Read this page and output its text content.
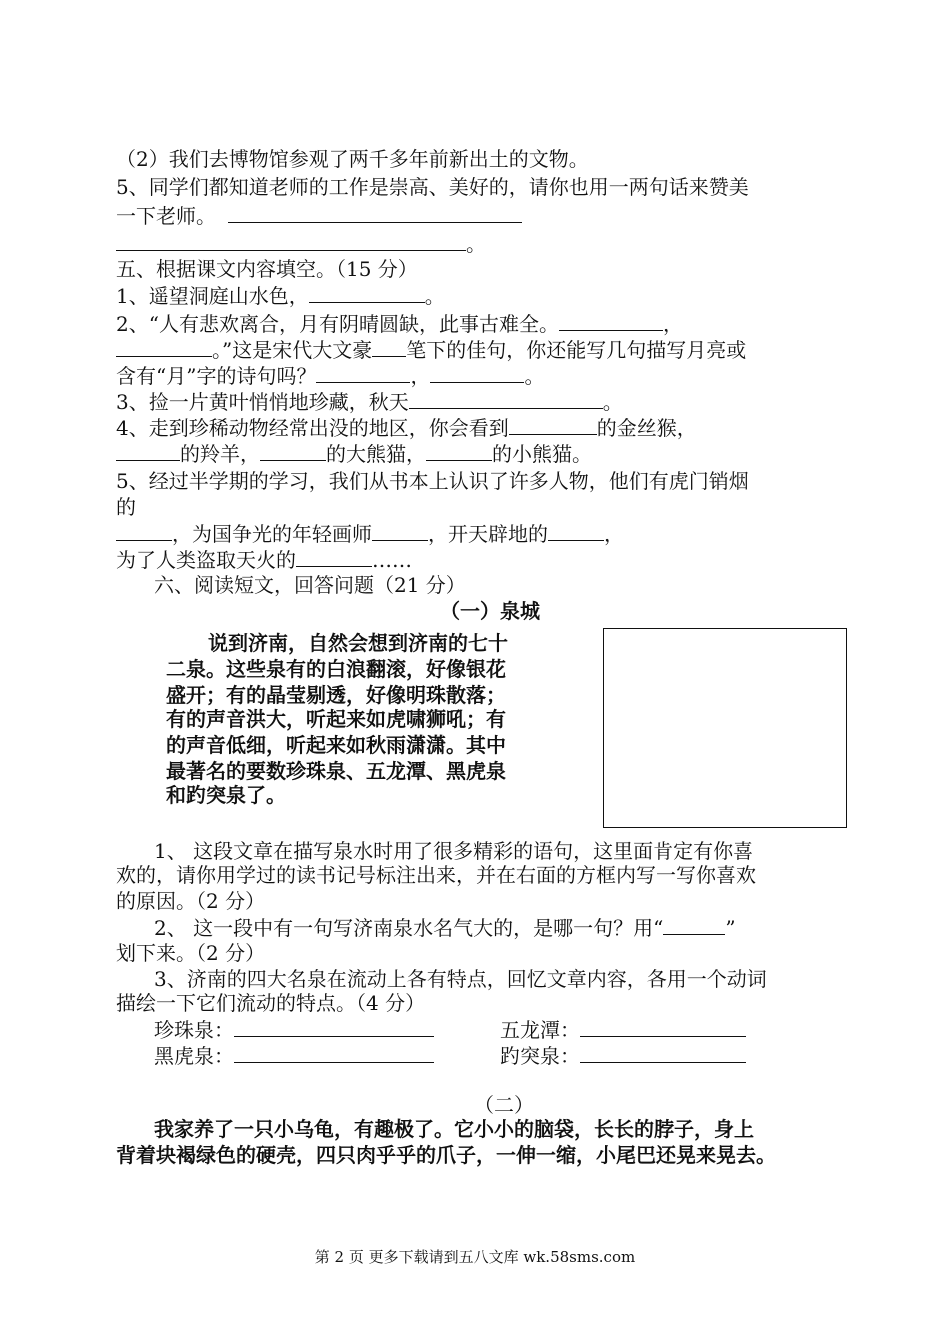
（2）我们去博物馆参观了两千多年前新出土的文物。
5、同学们都知道老师的工作是崇高、美好的，请你也用一两句话来赞美
一下老师。
。
五、根据课文内容填空。（15 分）
1、遥望洞庭山水色，	。
2、“人有悲欢离合，月有阴晴圆缺，此事古难全。	，
。”这是宋代大文豪 笔下的佳句，你还能写几句描写月亮或
含有“月”字的诗句吗？	，	。
3、捡一片黄叶悄悄地珍藏，秋天	。
4、走到珍稀动物经常出没的地区，你会看到	的金丝猴，
的羚羊，	的大熊猫，	的小熊猫。
5、经过半学期的学习，我们从书本上认识了许多人物，他们有虎门销烟
的
，为国争光的年轻画师	，开天辟地的	，
为了人类盗取天火的	……
六、阅读短文，回答问题（21 分）
（一）泉城
说到济南，自然会想到济南的七十
二泉。这些泉有的白浪翻滚，好像银花
盛开；有的晶莹剔透，好像明珠散落；
有的声音洪大，听起来如虎啸狮吼；有
的声音低细，听起来如秋雨潇潇。其中
最著名的要数珍珠泉、五龙潭、黑虎泉
和趵突泉了。
1、 这段文章在描写泉水时用了很多精彩的语句，这里面肯定有你喜
欢的，请你用学过的读书记号标注出来，并在右面的方框内写一写你喜欢
的原因。（2 分）
2、 这一段中有一句写济南泉水名气大的，是哪一句？用“	”
划下来。（2 分）
3、济南的四大名泉在流动上各有特点，回忆文章内容，各用一个动词
描绘一下它们流动的特点。（4 分）
珍珠泉：	五龙潭：
黑虎泉：	趵突泉：
（二）
我家养了一只小乌龟，有趣极了。它小小的脑袋，长长的脖子，身上
背着块褐绿色的硬壳，四只肉乎乎的爪子，一伸一缩，小尾巴还晃来晃去。
第 2 页 更多下载请到五八文库 wk.58sms.com
